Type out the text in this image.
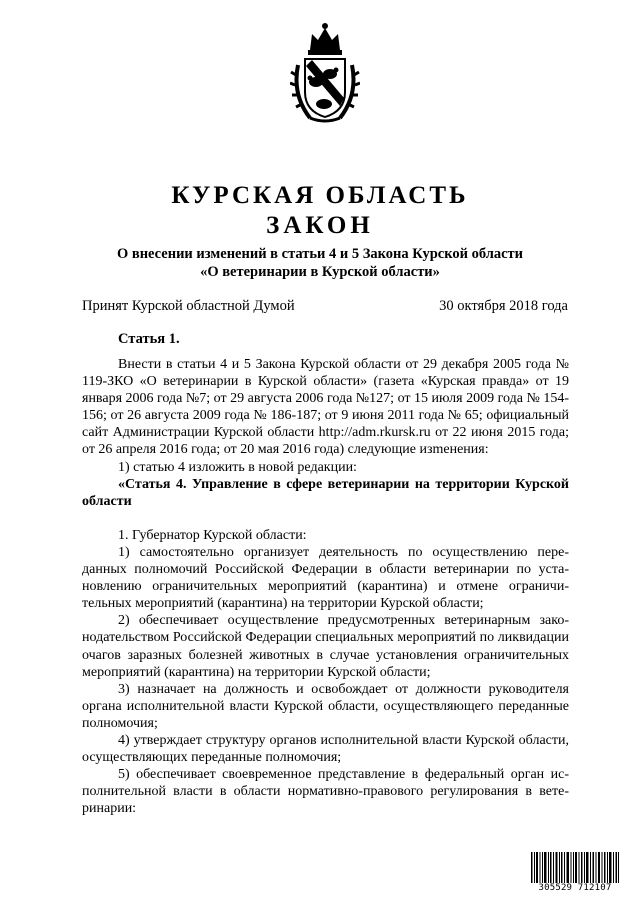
КУРСКАЯ ОБЛАСТЬ
ЗАКОН
О внесении изменений в статьи 4 и 5 Закона Курской области
«О ветеринарии в Курской области»
Принят Курской областной Думой	30 октября 2018 года
Статья 1.

Внести в статьи 4 и 5 Закона Курской области от 29 декабря 2005 года № 119-ЗКО «О ветеринарии в Курской области» (газета «Курская правда» от 19 января 2006 года №7; от 29 августа 2006 года №127; от 15 июля 2009 года № 154-156; от 26 августа 2009 года № 186-187; от 9 июня 2011 года № 65; официальный сайт Администрации Курской области http://adm.rkursk.ru от 22 июня 2015 года; от 26 апреля 2016 года; от 20 мая 2016 года) следующие изmенения:

1) статью 4 изложить в новой редакции:

«Статья 4. Управление в сфере ветеринарии на территории Курской области

1. Губернатор Курской области:

1) самостоятельно организует деятельность по осуществлению переданных полномочий Российской Федерации в области ветеринарии по установлению ограничительных мероприятий (карантина) и отмене ограничительных мероприятий (карантина) на территории Курской области;

2) обеспечивает осуществление предусмотренных ветеринарным законодательством Российской Федерации специальных мероприятий по ликвидации очагов заразных болезней животных в случае установления ограничительных мероприятий (карантина) на территории Курской области;

3) назначает на должность и освобождает от должности руководителя органа исполнительной власти Курской области, осуществляющего переданные полномочия;

4) утверждает структуру органов исполнительной власти Курской области, осуществляющих переданные полномочия;

5) обеспечивает своевременное представление в федеральный орган исполнительной власти в области нормативно-правового регулирования в ветеринарии:

305529 712107
